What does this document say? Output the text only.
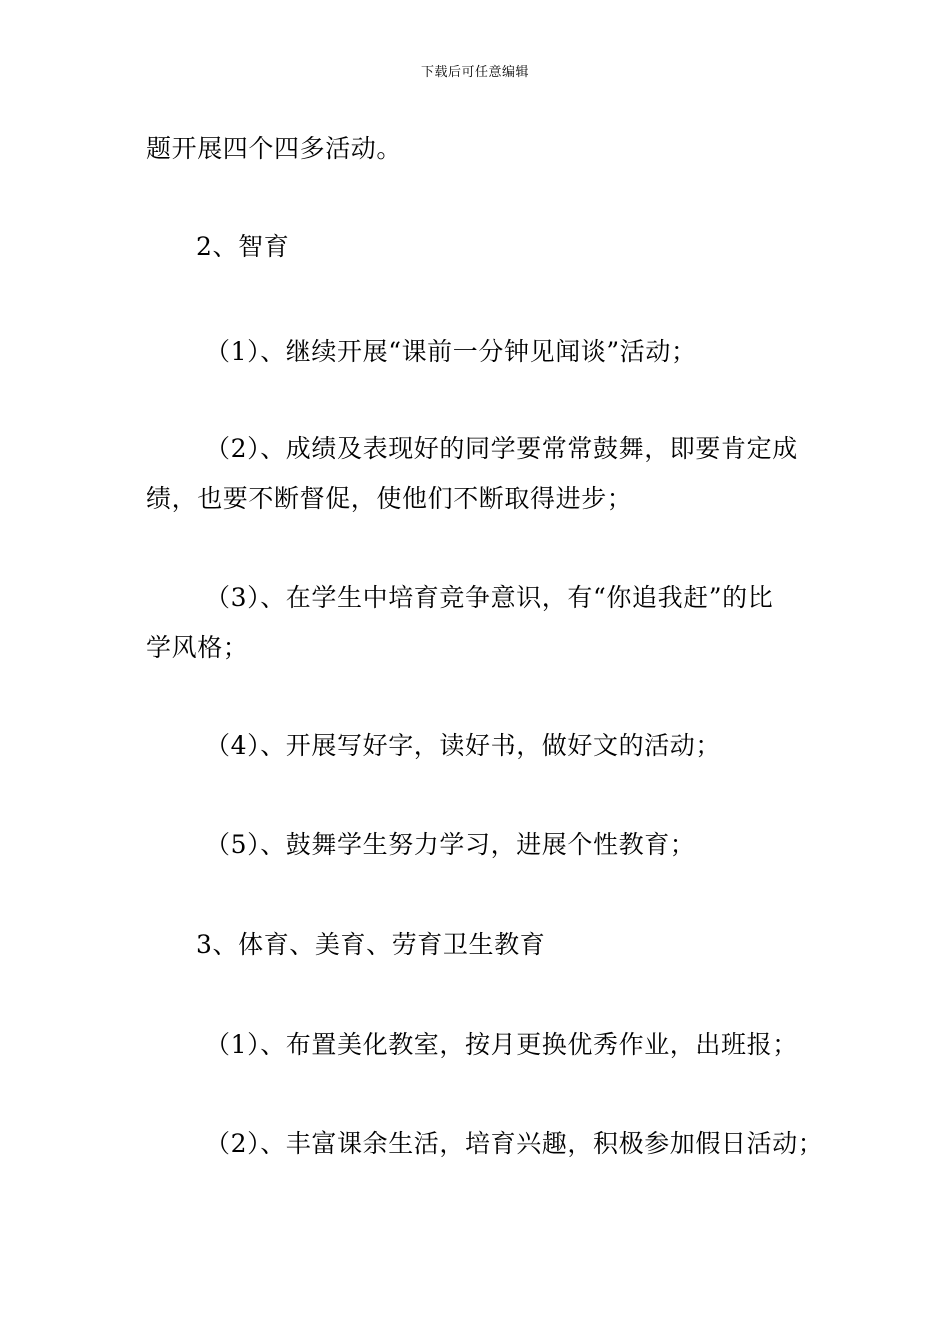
下载后可任意编辑
题开展四个四多活动。
2、智育
（1）、继续开展“课前一分钟见闻谈”活动；
（2）、成绩及表现好的同学要常常鼓舞，即要肯定成
绩，也要不断督促，使他们不断取得进步；
（3）、在学生中培育竞争意识，有“你追我赶”的比
学风格；
（4）、开展写好字，读好书，做好文的活动；
（5）、鼓舞学生努力学习，进展个性教育；
3、体育、美育、劳育卫生教育
（1）、布置美化教室，按月更换优秀作业，出班报；
（2）、丰富课余生活，培育兴趣，积极参加假日活动；
